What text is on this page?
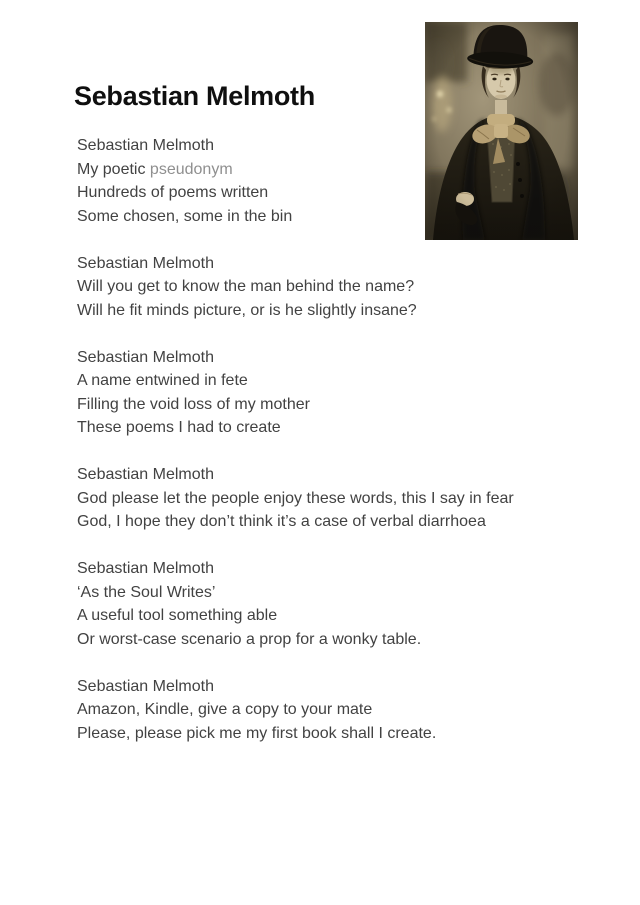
Sebastian Melmoth

Sebastian Melmoth
My poetic pseudonym
Hundreds of poems written
Some chosen, some in the bin

Sebastian Melmoth
Will you get to know the man behind the name?
Will he fit minds picture, or is he slightly insane?

Sebastian Melmoth
A name entwined in fete
Filling the void loss of my mother
These poems I had to create

Sebastian Melmoth
God please let the people enjoy these words, this I say in fear
God, I hope they don’t think it’s a case of verbal diarrhoea

Sebastian Melmoth
‘As the Soul Writes’
A useful tool something able
Or worst-case scenario a prop for a wonky table.

Sebastian Melmoth
Amazon, Kindle, give a copy to your mate
Please, please pick me my first book shall I create.
